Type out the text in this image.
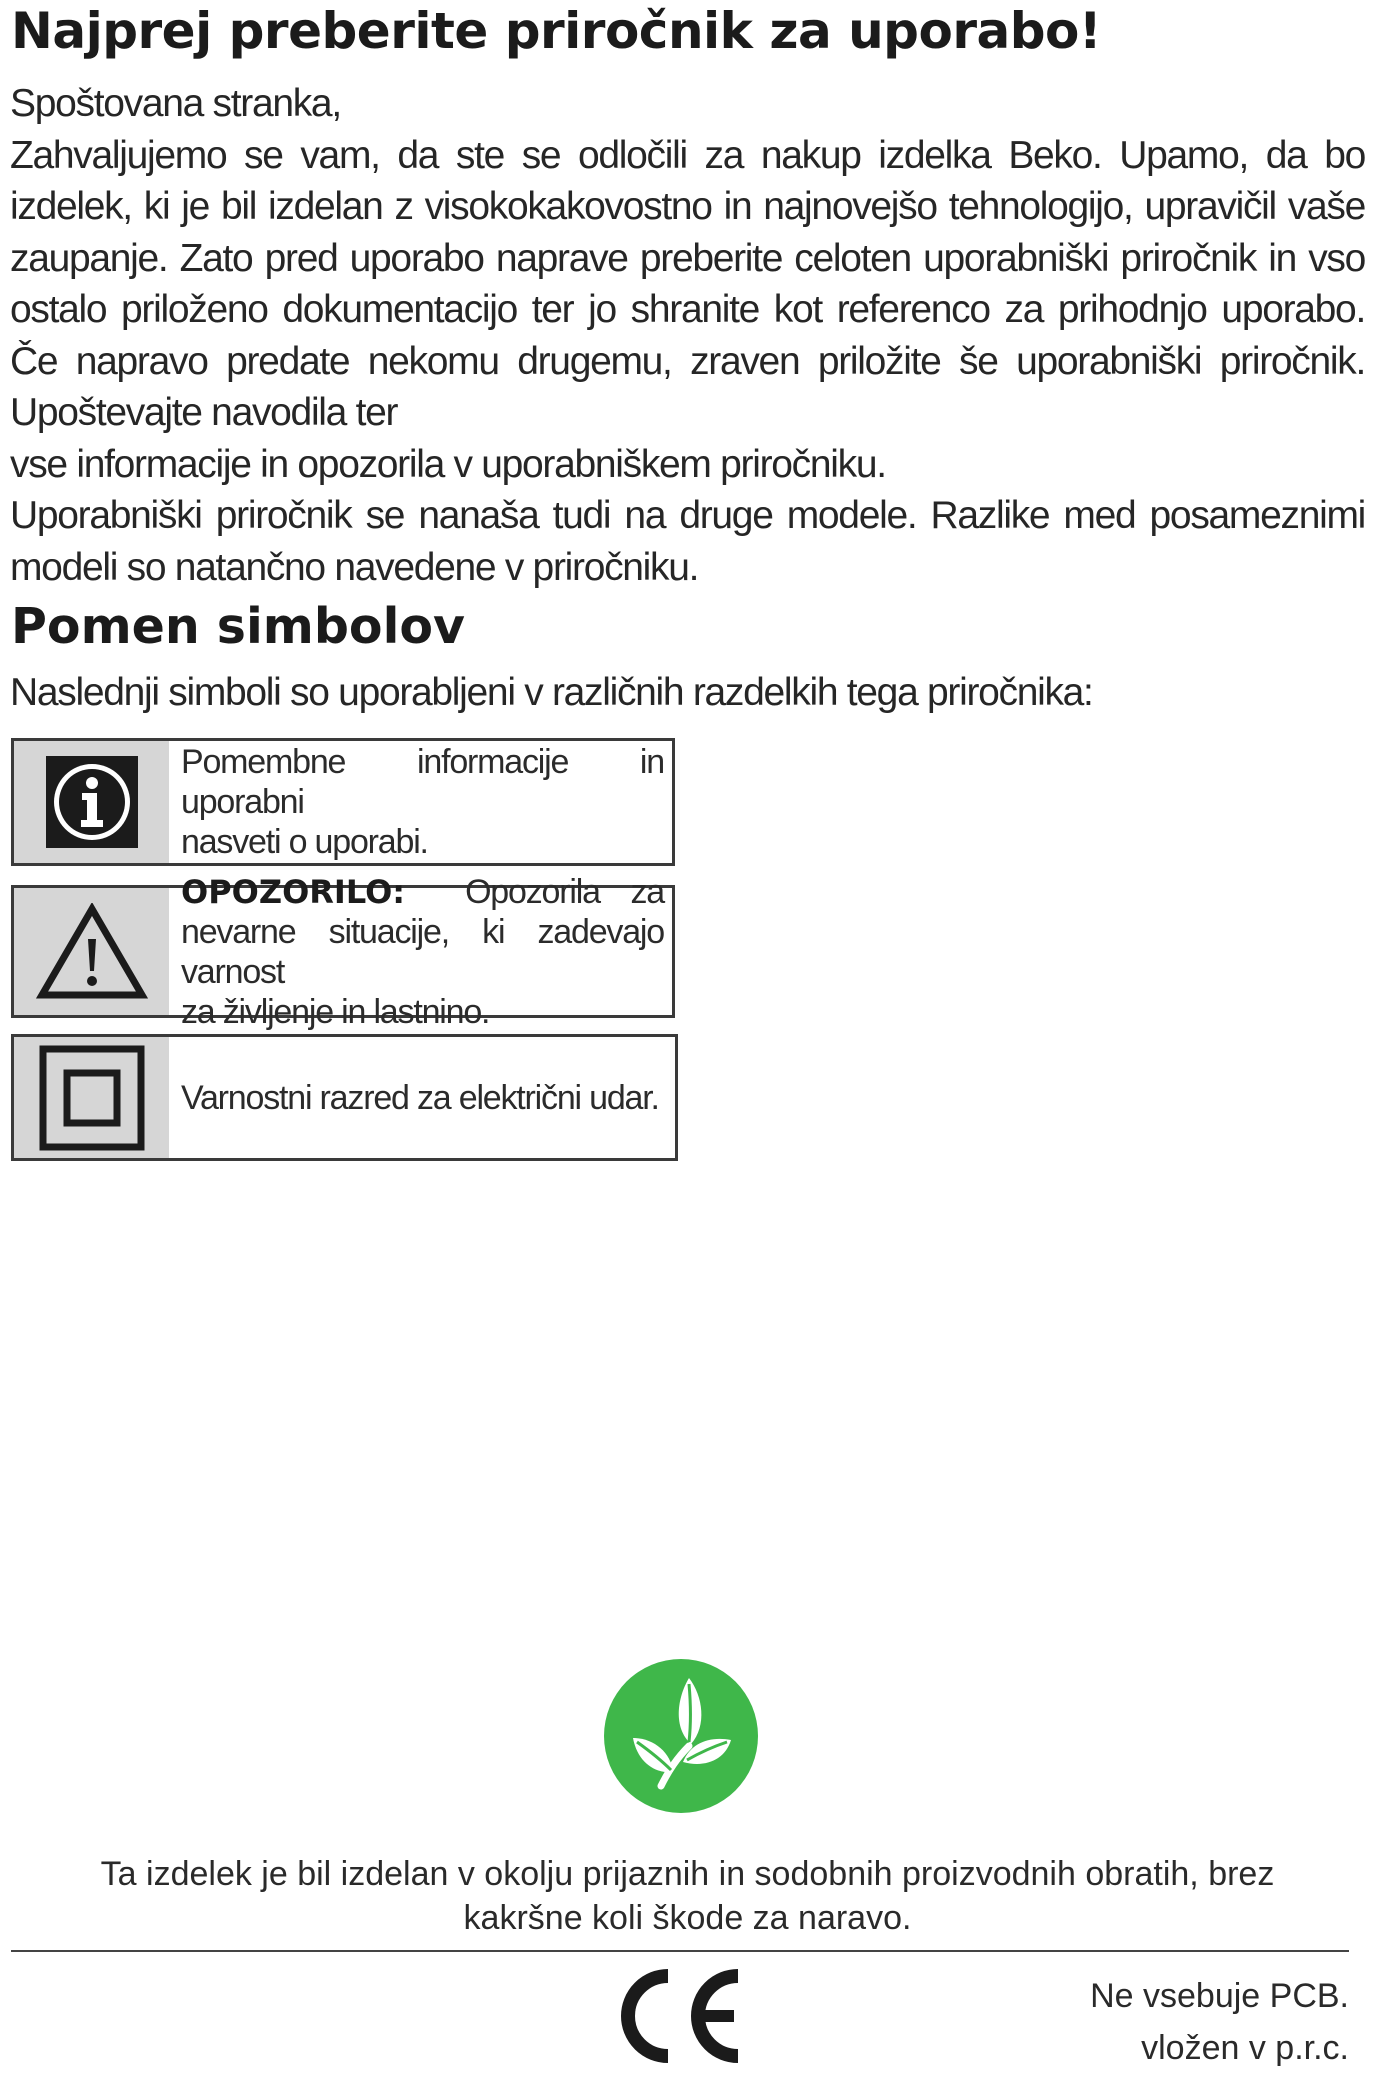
Najprej preberite priročnik za uporabo!

Spoštovana stranka,

Zahvaljujemo se vam, da ste se odločili za nakup izdelka Beko. Upamo, da bo izdelek, ki je bil izdelan z visokokakovostno in najnovejšo tehnologijo, upravičil vaše zaupanje. Zato pred uporabo naprave preberite celoten uporabniški priročnik in vso ostalo priloženo dokumentacijo ter jo shranite kot referenco za prihodnjo uporabo. Če napravo predate nekomu drugemu, zraven priložite še uporabniški priročnik. Upoštevajte navodila ter

vse informacije in opozorila v uporabniškem priročniku.

Uporabniški priročnik se nanaša tudi na druge modele. Razlike med posameznimi

modeli so natančno navedene v priročniku.

Pomen simbolov
Naslednji simboli so uporabljeni v različnih razdelkih tega priročnika:
Pomembne informacije in uporabni
nasveti o uporabi.
OPOZORILO: Opozorila za
nevarne situacije, ki zadevajo varnost
za življenje in lastnino.
Varnostni razred za električni udar.
Ta izdelek je bil izdelan v okolju prijaznih in sodobnih proizvodnih obratih, brez
kakršne koli škode za naravo.
Ne vsebuje PCB.
vložen v p.r.c.
